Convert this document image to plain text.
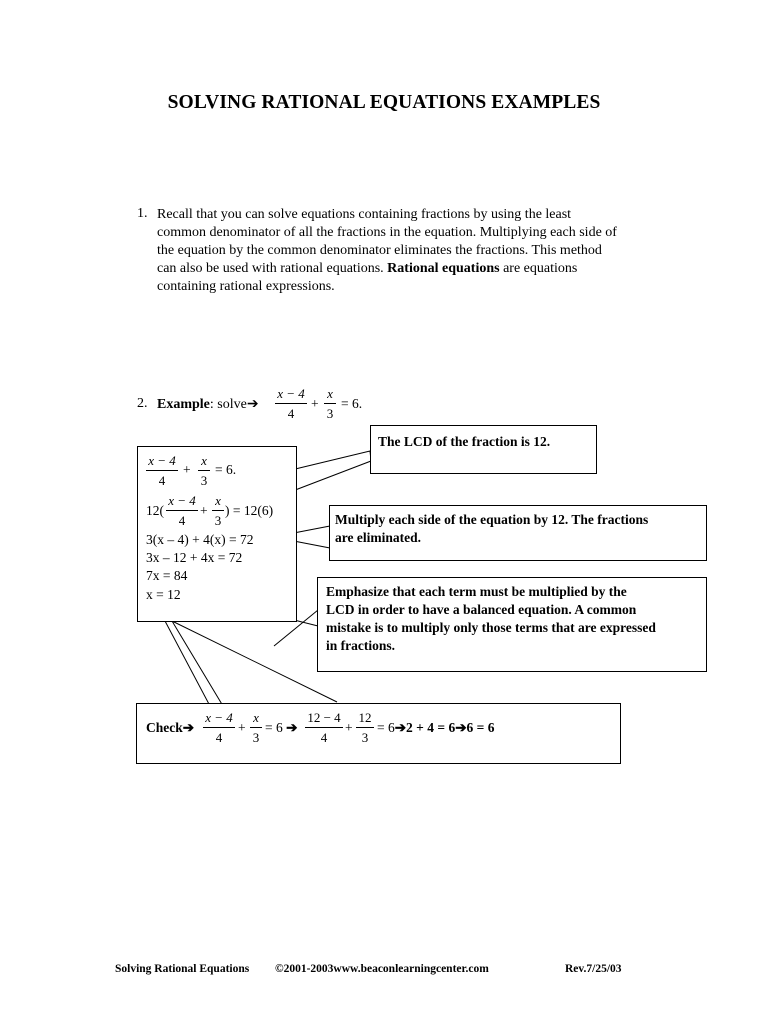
SOLVING RATIONAL EQUATIONS EXAMPLES
1. Recall that you can solve equations containing fractions by using the least
common denominator of all the fractions in the equation. Multiplying each side of
the equation by the common denominator eliminates the fractions. This method
can also be used with rational equations. Rational equations are equations
containing rational expressions.
2. Example: solve➔
x − 4
4
+
x
3
= 6.
x − 4
4
+
x
3
= 6.
12(
x − 4
4
+
x
3
) = 12(6)
3(x – 4) + 4(x) = 72
3x – 12 + 4x = 72
7x = 84
x = 12
The LCD of the fraction is 12.
Multiply each side of the equation by 12. The fractions
are eliminated.
Emphasize that each term must be multiplied by the
LCD in order to have a balanced equation. A common
mistake is to multiply only those terms that are expressed
in fractions.
Check➔
x − 4
4
+
x
3
= 6 ➔
12 − 4
4
+
12
3
= 6➔2 + 4 = 6➔6 = 6
Solving Rational Equations ©2001-2003www.beaconlearningcenter.com	Rev.7/25/03
